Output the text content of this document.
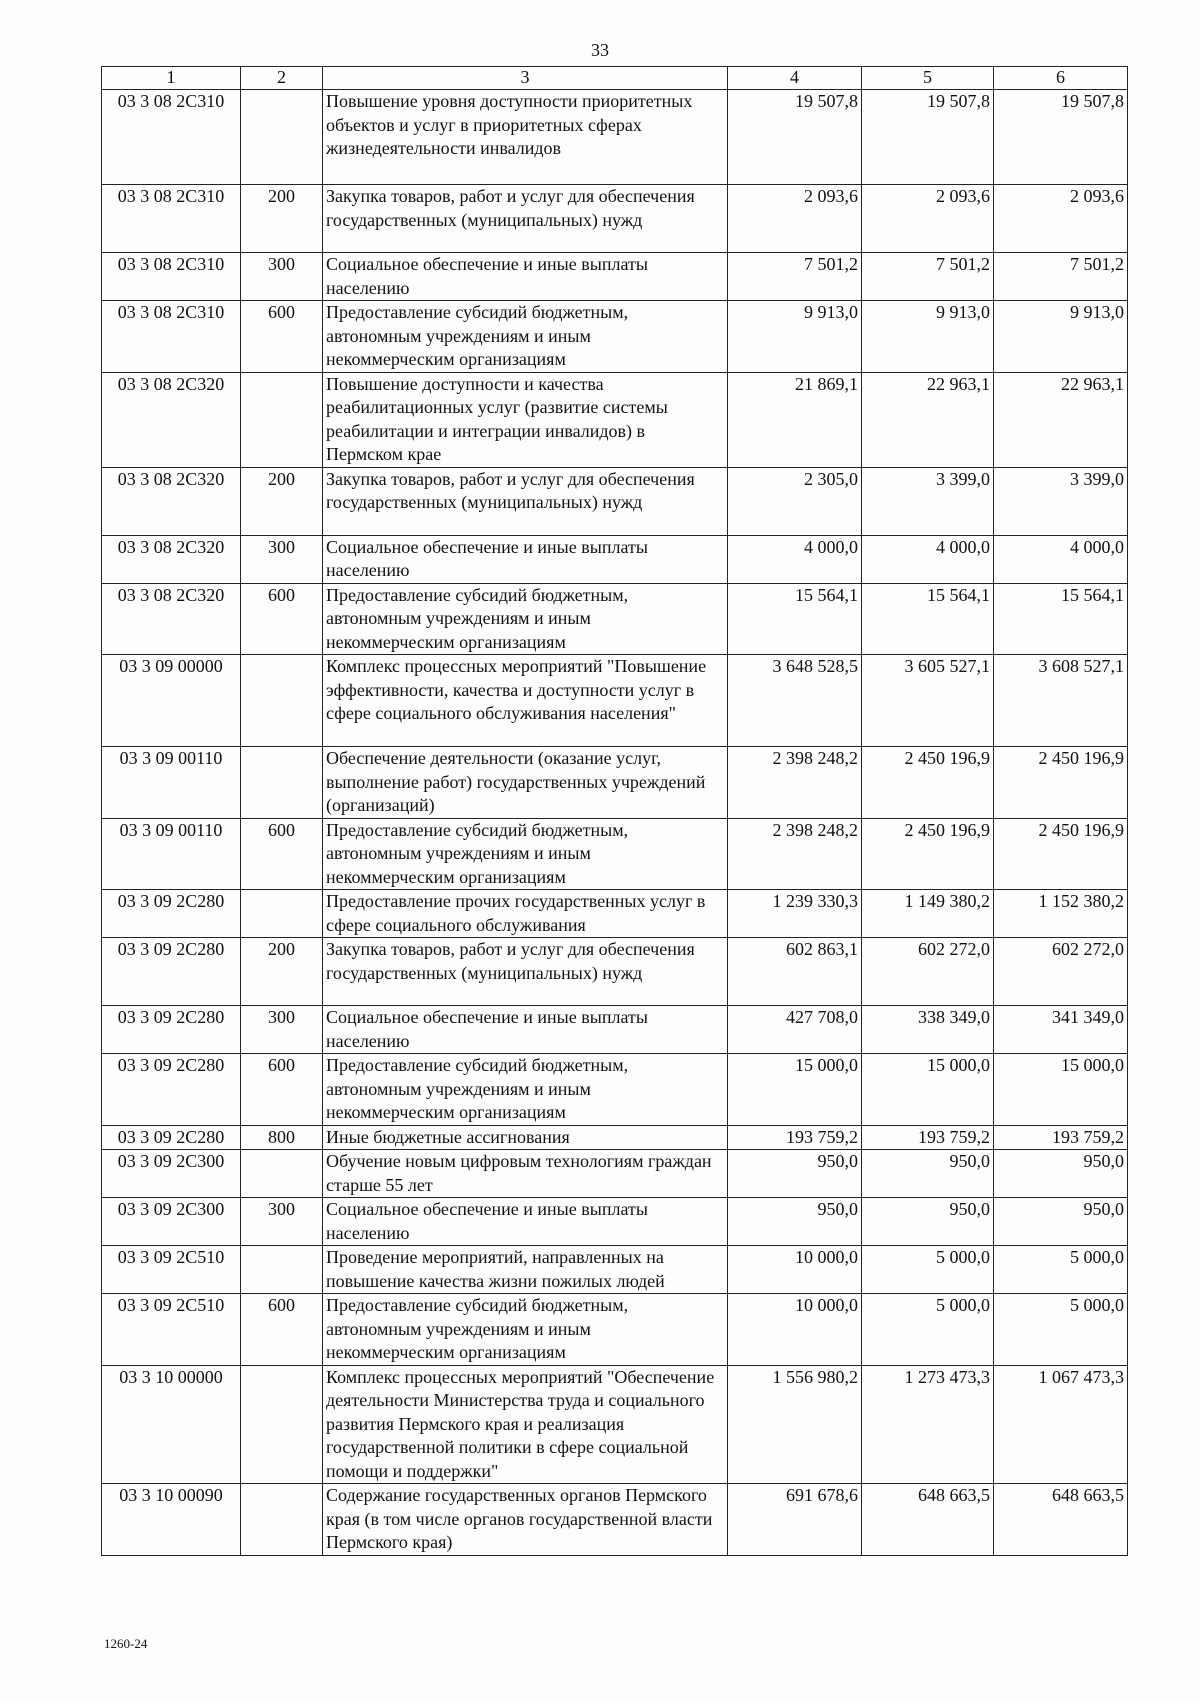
33
1	2	3	4	5	6
03 3 08 2С310		Повышение уровня доступности приоритетных объектов и услуг в приоритетных сферах жизнедеятельности инвалидов	19 507,8	19 507,8	19 507,8
03 3 08 2С310	200	Закупка товаров, работ и услуг для обеспечения государственных (муниципальных) нужд	2 093,6	2 093,6	2 093,6
03 3 08 2С310	300	Социальное обеспечение и иные выплаты населению	7 501,2	7 501,2	7 501,2
03 3 08 2С310	600	Предоставление субсидий бюджетным, автономным учреждениям и иным некоммерческим организациям	9 913,0	9 913,0	9 913,0
03 3 08 2С320		Повышение доступности и качества реабилитационных услуг (развитие системы реабилитации и интеграции инвалидов) в Пермском крае	21 869,1	22 963,1	22 963,1
03 3 08 2С320	200	Закупка товаров, работ и услуг для обеспечения государственных (муниципальных) нужд	2 305,0	3 399,0	3 399,0
03 3 08 2С320	300	Социальное обеспечение и иные выплаты населению	4 000,0	4 000,0	4 000,0
03 3 08 2С320	600	Предоставление субсидий бюджетным, автономным учреждениям и иным некоммерческим организациям	15 564,1	15 564,1	15 564,1
03 3 09 00000		Комплекс процессных мероприятий "Повышение эффективности, качества и доступности услуг в сфере социального обслуживания населения"	3 648 528,5	3 605 527,1	3 608 527,1
03 3 09 00110		Обеспечение деятельности (оказание услуг, выполнение работ) государственных учреждений (организаций)	2 398 248,2	2 450 196,9	2 450 196,9
03 3 09 00110	600	Предоставление субсидий бюджетным, автономным учреждениям и иным некоммерческим организациям	2 398 248,2	2 450 196,9	2 450 196,9
03 3 09 2С280		Предоставление прочих государственных услуг в сфере социального обслуживания	1 239 330,3	1 149 380,2	1 152 380,2
03 3 09 2С280	200	Закупка товаров, работ и услуг для обеспечения государственных (муниципальных) нужд	602 863,1	602 272,0	602 272,0
03 3 09 2С280	300	Социальное обеспечение и иные выплаты населению	427 708,0	338 349,0	341 349,0
03 3 09 2С280	600	Предоставление субсидий бюджетным, автономным учреждениям и иным некоммерческим организациям	15 000,0	15 000,0	15 000,0
03 3 09 2С280	800	Иные бюджетные ассигнования	193 759,2	193 759,2	193 759,2
03 3 09 2С300		Обучение новым цифровым технологиям граждан старше 55 лет	950,0	950,0	950,0
03 3 09 2С300	300	Социальное обеспечение и иные выплаты населению	950,0	950,0	950,0
03 3 09 2С510		Проведение мероприятий, направленных на повышение качества жизни пожилых людей	10 000,0	5 000,0	5 000,0
03 3 09 2С510	600	Предоставление субсидий бюджетным, автономным учреждениям и иным некоммерческим организациям	10 000,0	5 000,0	5 000,0
03 3 10 00000		Комплекс процессных мероприятий "Обеспечение деятельности Министерства труда и социального развития Пермского края и реализация государственной политики в сфере социальной помощи и поддержки"	1 556 980,2	1 273 473,3	1 067 473,3
03 3 10 00090		Содержание государственных органов Пермского края (в том числе органов государственной власти Пермского края)	691 678,6	648 663,5	648 663,5
1260-24
